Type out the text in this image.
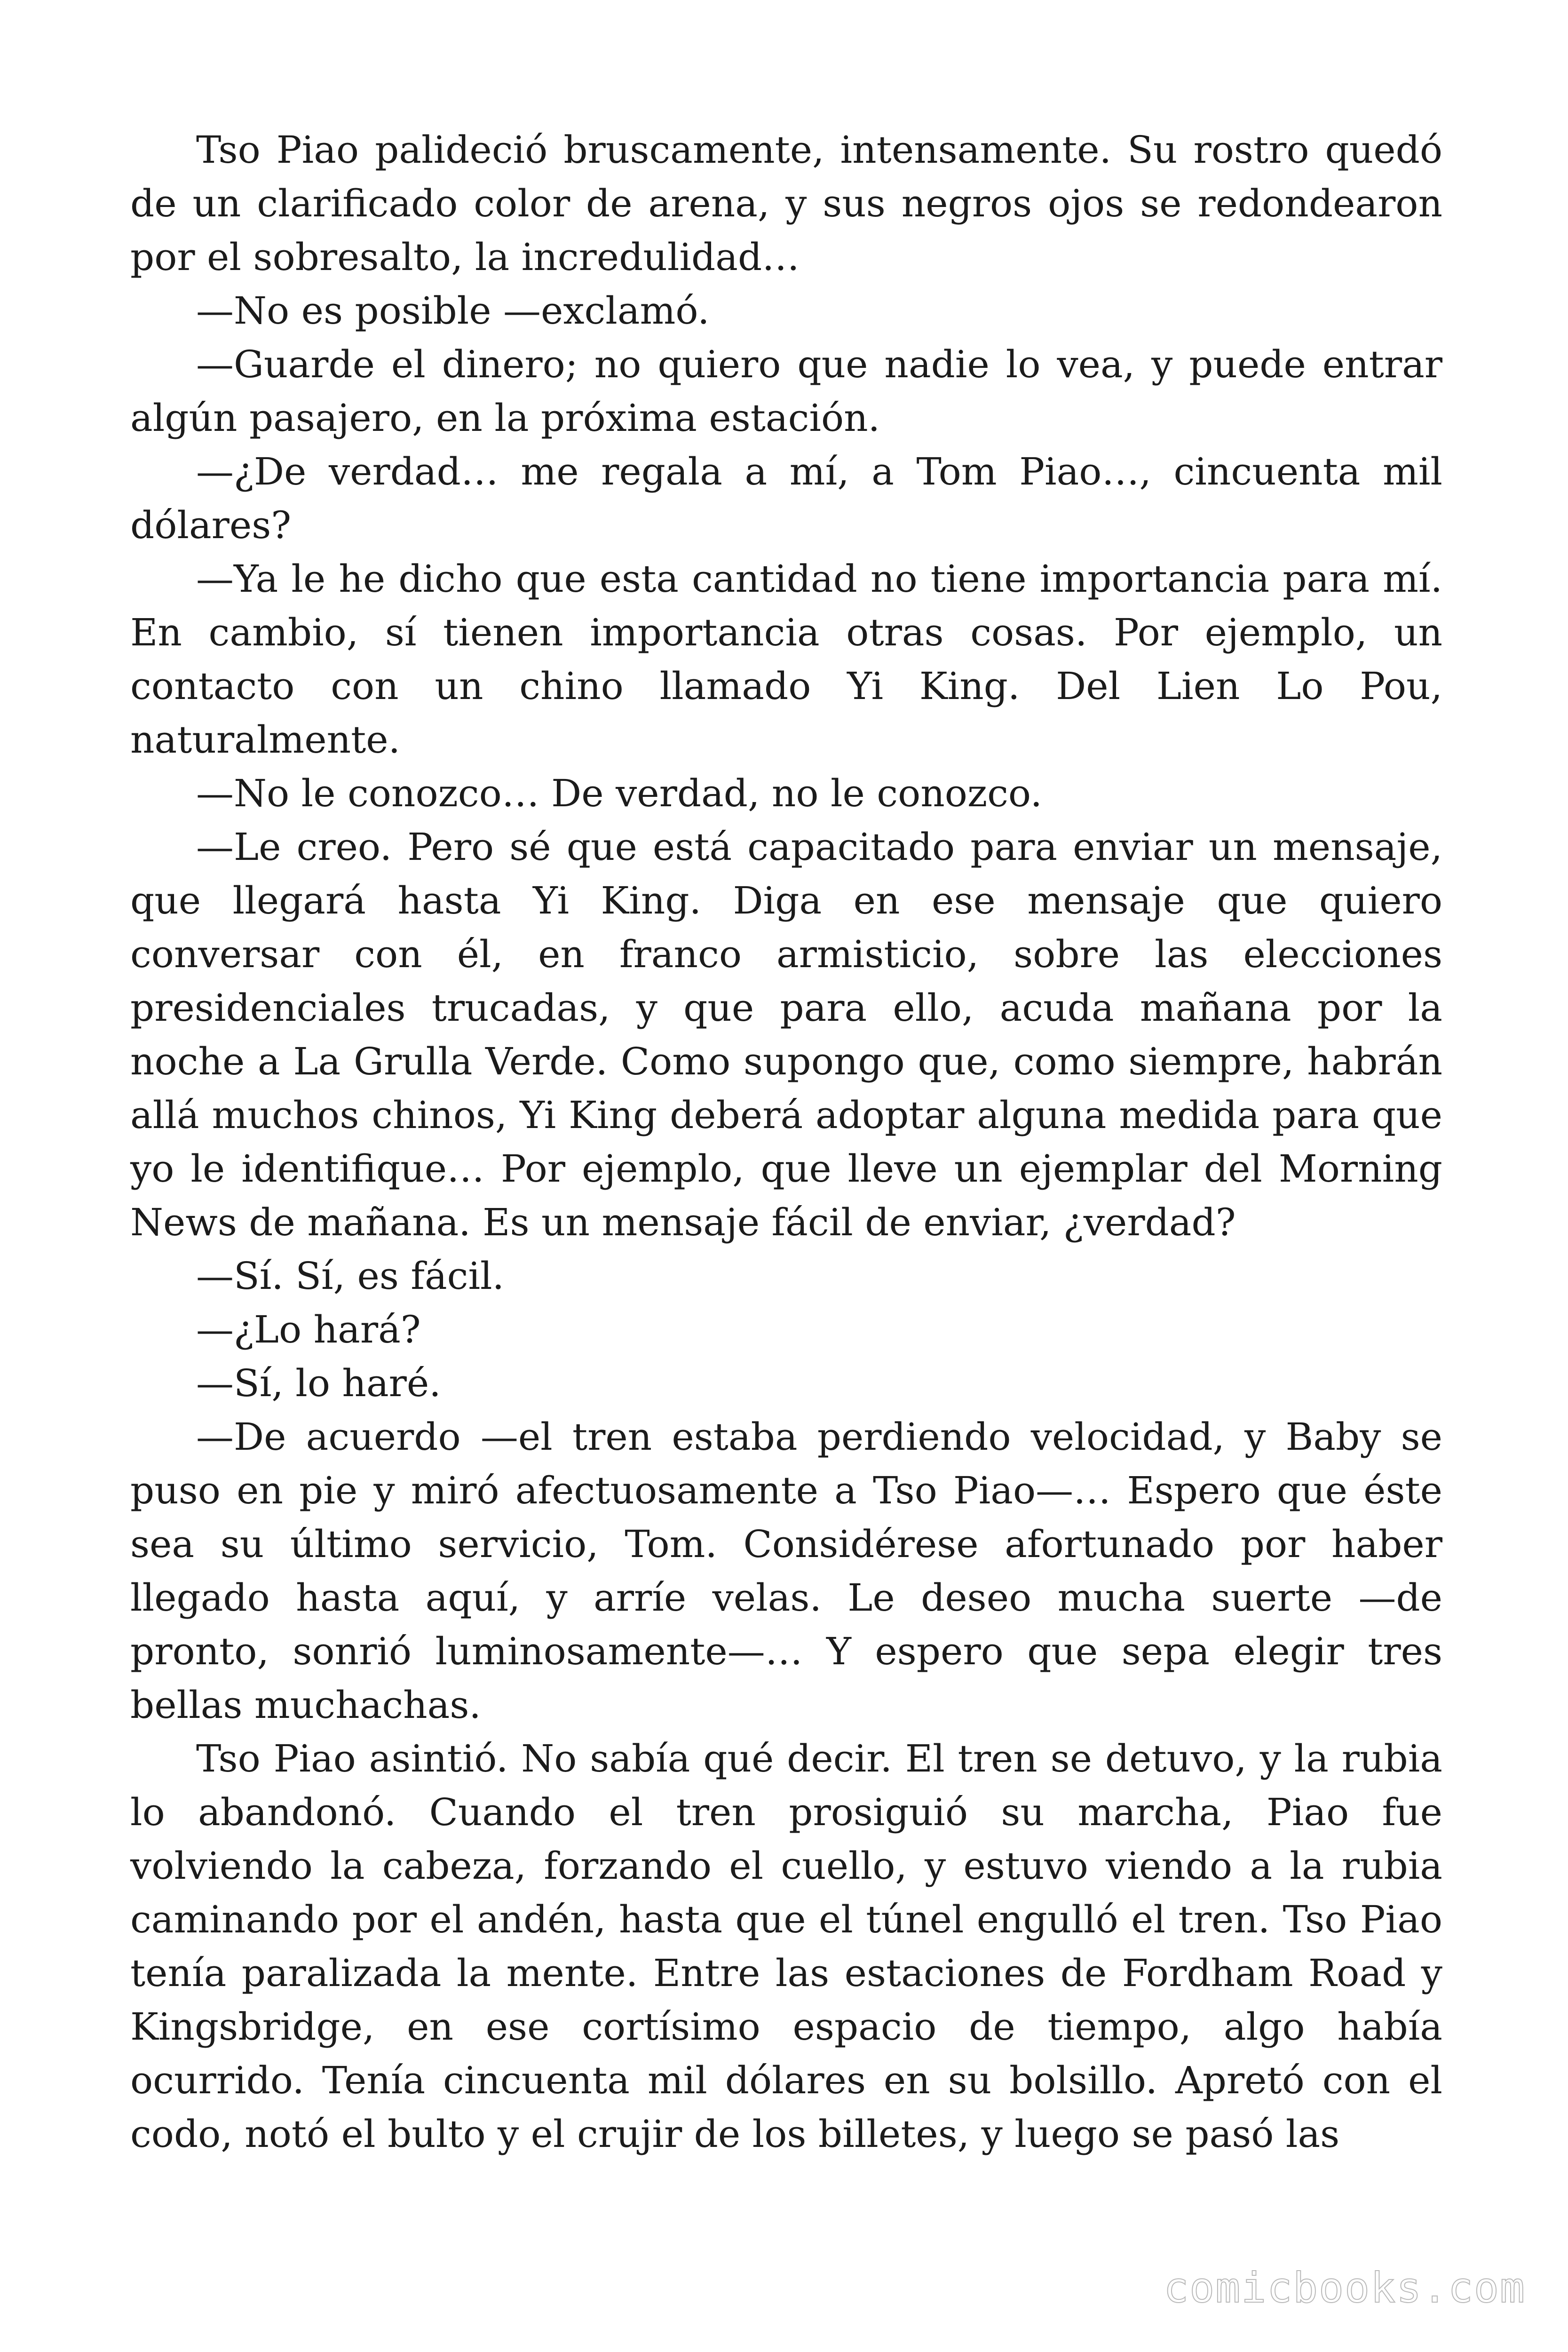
Tso Piao palideció bruscamente, intensamente. Su rostro quedó de un clarificado color de arena, y sus negros ojos se redondearon por el sobresalto, la incredulidad…

—No es posible —exclamó.

—Guarde el dinero; no quiero que nadie lo vea, y puede entrar algún pasajero, en la próxima estación.

—¿De verdad… me regala a mí, a Tom Piao…, cincuenta mil dólares?

—Ya le he dicho que esta cantidad no tiene importancia para mí. En cambio, sí tienen importancia otras cosas. Por ejemplo, un contacto con un chino llamado Yi King. Del Lien Lo Pou, naturalmente.

—No le conozco… De verdad, no le conozco.

—Le creo. Pero sé que está capacitado para enviar un mensaje, que llegará hasta Yi King. Diga en ese mensaje que quiero conversar con él, en franco armisticio, sobre las elecciones presidenciales trucadas, y que para ello, acuda mañana por la noche a La Grulla Verde. Como supongo que, como siempre, habrán allá muchos chinos, Yi King deberá adoptar alguna medida para que yo le identifique… Por ejemplo, que lleve un ejemplar del Morning News de mañana. Es un mensaje fácil de enviar, ¿verdad?

—Sí. Sí, es fácil.

—¿Lo hará?

—Sí, lo haré.

—De acuerdo —el tren estaba perdiendo velocidad, y Baby se puso en pie y miró afectuosamente a Tso Piao—… Espero que éste sea su último servicio, Tom. Considérese afortunado por haber llegado hasta aquí, y arríe velas. Le deseo mucha suerte —de pronto, sonrió luminosamente—… Y espero que sepa elegir tres bellas muchachas.

Tso Piao asintió. No sabía qué decir. El tren se detuvo, y la rubia lo abandonó. Cuando el tren prosiguió su marcha, Piao fue volviendo la cabeza, forzando el cuello, y estuvo viendo a la rubia caminando por el andén, hasta que el túnel engulló el tren. Tso Piao tenía paralizada la mente. Entre las estaciones de Fordham Road y Kingsbridge, en ese cortísimo espacio de tiempo, algo había ocurrido. Tenía cincuenta mil dólares en su bolsillo. Apretó con el codo, notó el bulto y el crujir de los billetes, y luego se pasó las

comicbooks.com
